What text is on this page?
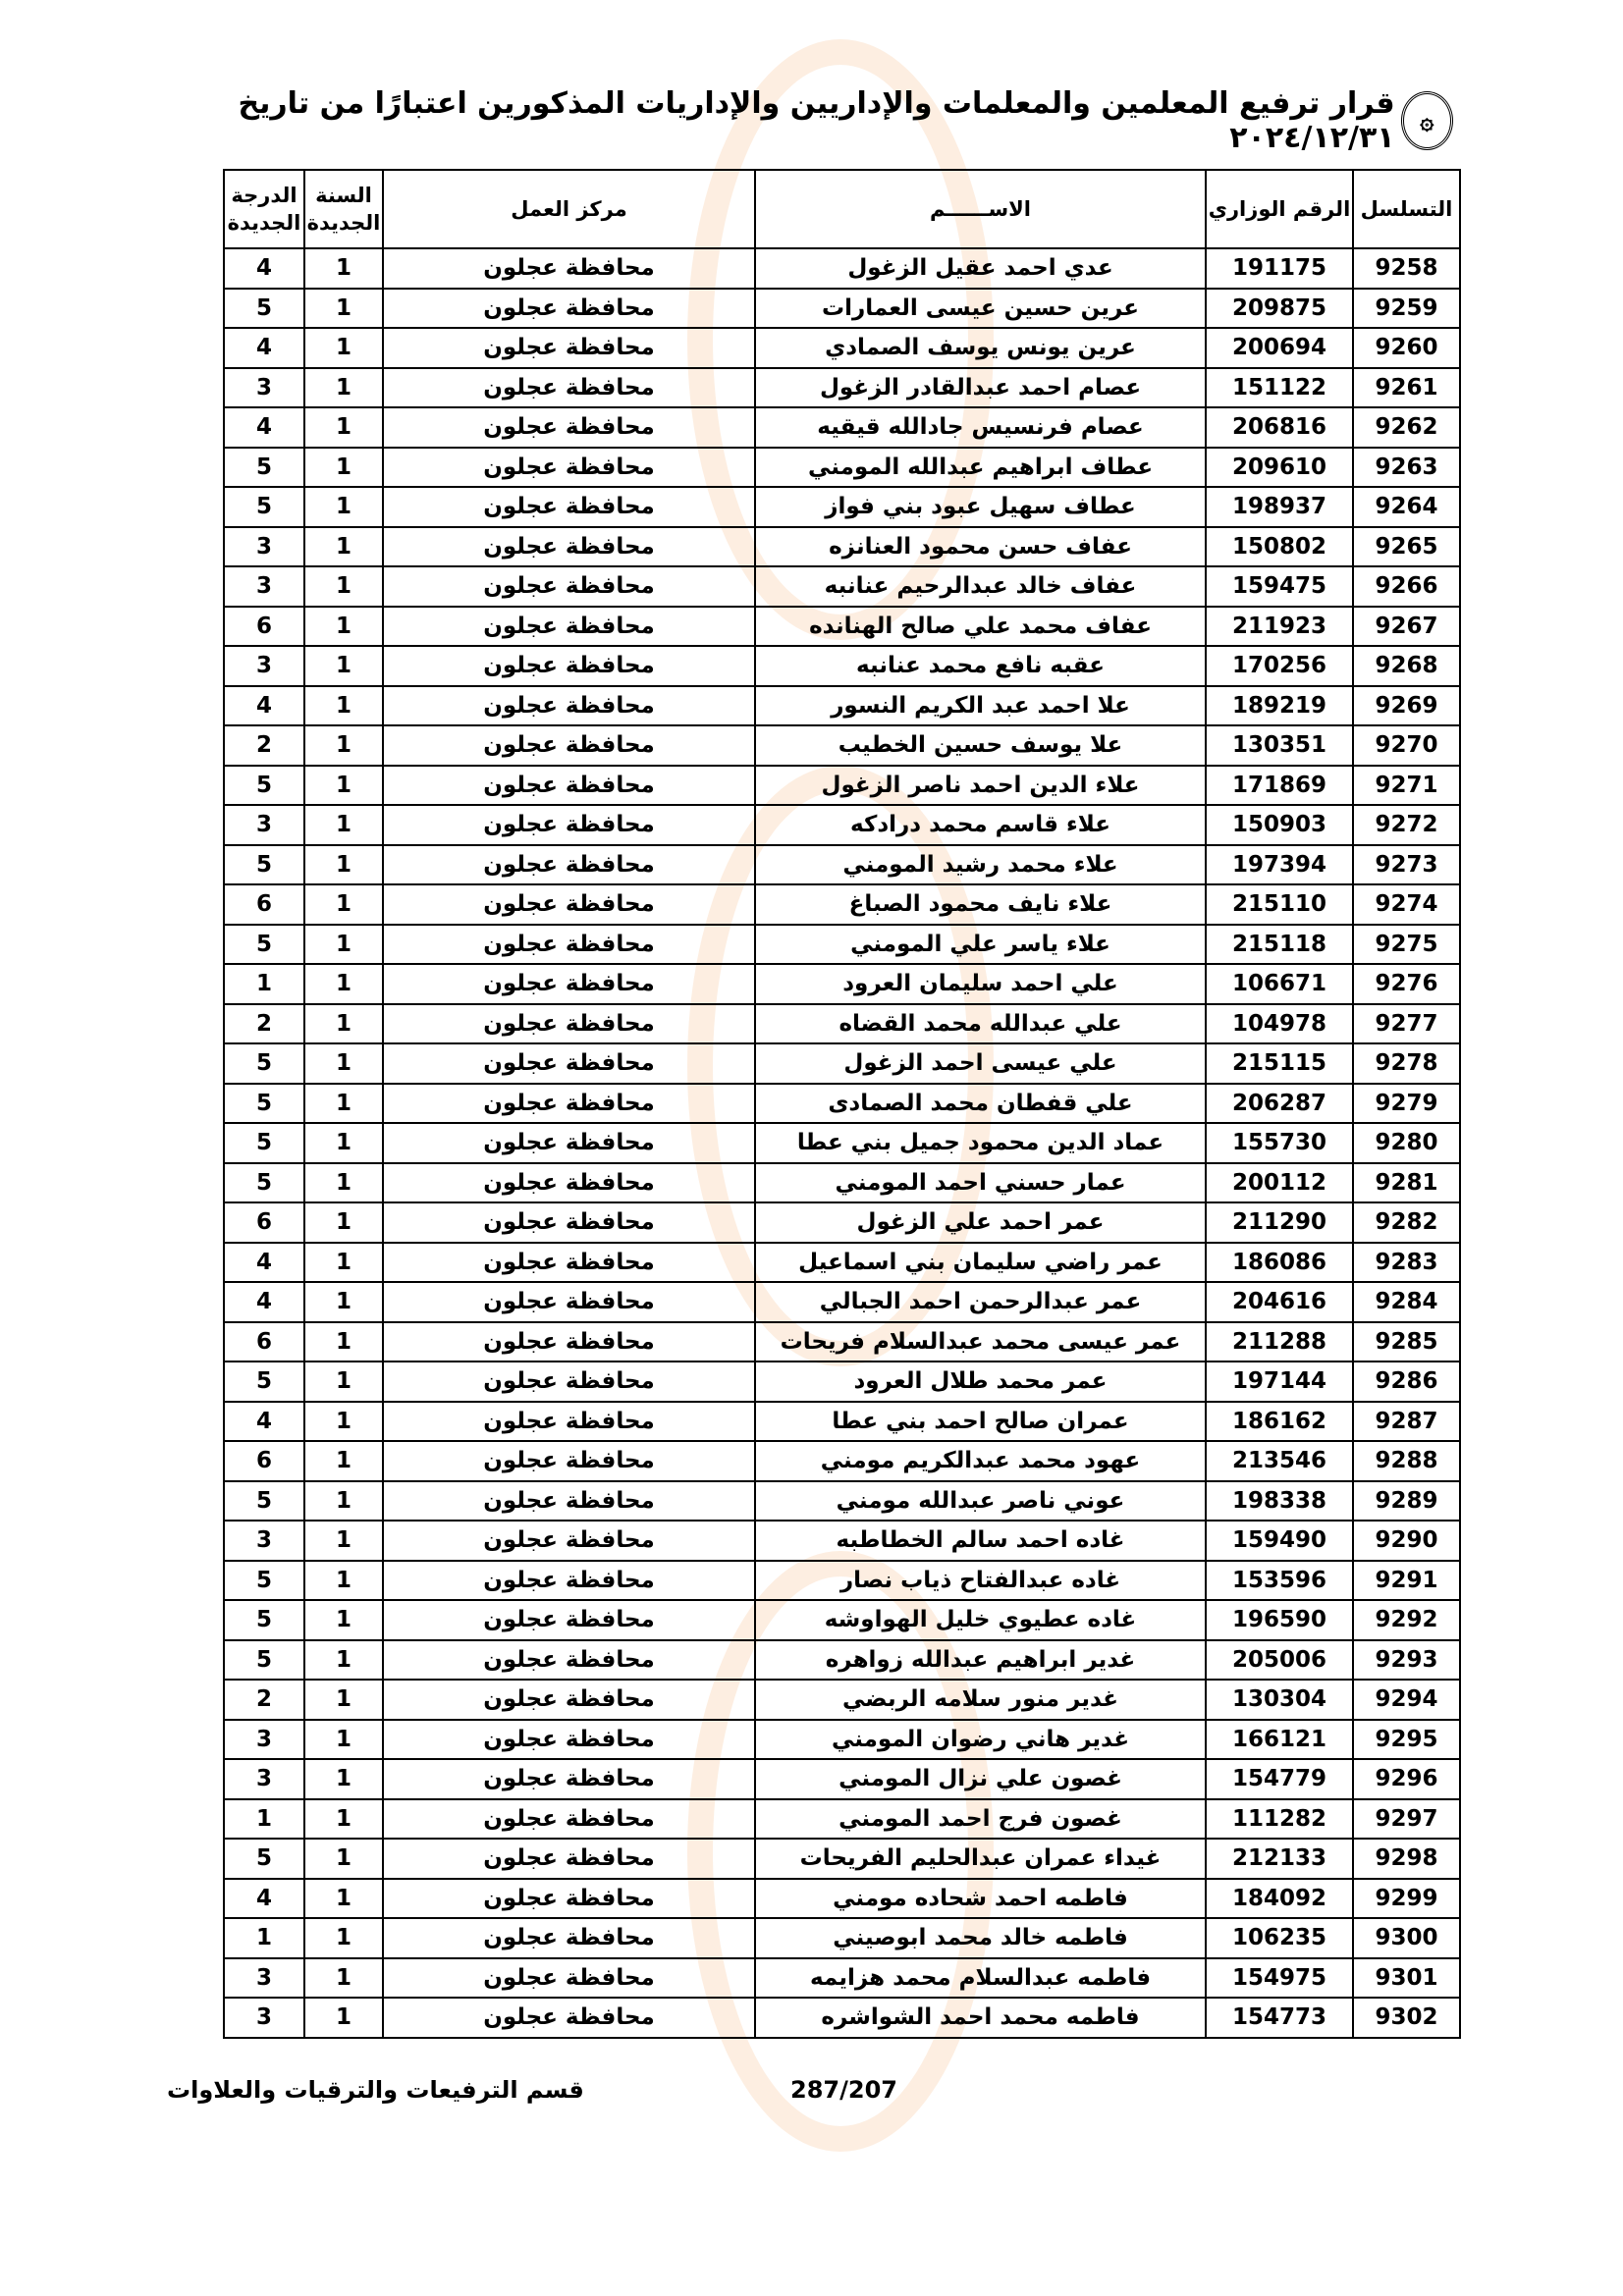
۞
قرار ترفيع المعلمين والمعلمات والإداريين والإداريات المذكورين اعتبارًا من تاريخ ٢٠٢٤/١٢/٣١
التسلسل	الرقم الوزاري	الاســــــم	مركز العمل	السنة الجديدة	الدرجة الجديدة
9258	191175	عدي احمد عقيل الزغول	محافظة عجلون	1	4
9259	209875	عرين حسين عيسى العمارات	محافظة عجلون	1	5
9260	200694	عرين يونس يوسف الصمادي	محافظة عجلون	1	4
9261	151122	عصام احمد عبدالقادر الزغول	محافظة عجلون	1	3
9262	206816	عصام فرنسيس جادالله قيقيه	محافظة عجلون	1	4
9263	209610	عطاف ابراهيم عبدالله المومني	محافظة عجلون	1	5
9264	198937	عطاف سهيل عبود بني فواز	محافظة عجلون	1	5
9265	150802	عفاف حسن محمود العنانزه	محافظة عجلون	1	3
9266	159475	عفاف خالد عبدالرحيم عنانبه	محافظة عجلون	1	3
9267	211923	عفاف محمد علي صالح الهنانده	محافظة عجلون	1	6
9268	170256	عقبه نافع محمد عنانبه	محافظة عجلون	1	3
9269	189219	علا احمد عبد الكريم النسور	محافظة عجلون	1	4
9270	130351	علا يوسف حسين الخطيب	محافظة عجلون	1	2
9271	171869	علاء الدين احمد ناصر الزغول	محافظة عجلون	1	5
9272	150903	علاء قاسم محمد درادكه	محافظة عجلون	1	3
9273	197394	علاء محمد رشيد المومني	محافظة عجلون	1	5
9274	215110	علاء نايف محمود الصباغ	محافظة عجلون	1	6
9275	215118	علاء ياسر علي المومني	محافظة عجلون	1	5
9276	106671	علي احمد سليمان العرود	محافظة عجلون	1	1
9277	104978	علي عبدالله محمد القضاه	محافظة عجلون	1	2
9278	215115	علي عيسى احمد الزغول	محافظة عجلون	1	5
9279	206287	علي قفطان محمد الصمادى	محافظة عجلون	1	5
9280	155730	عماد الدين محمود جميل بني عطا	محافظة عجلون	1	5
9281	200112	عمار حسني احمد المومني	محافظة عجلون	1	5
9282	211290	عمر احمد علي الزغول	محافظة عجلون	1	6
9283	186086	عمر راضي سليمان بني اسماعيل	محافظة عجلون	1	4
9284	204616	عمر عبدالرحمن احمد الجبالي	محافظة عجلون	1	4
9285	211288	عمر عيسى محمد عبدالسلام فريحات	محافظة عجلون	1	6
9286	197144	عمر محمد طلال العرود	محافظة عجلون	1	5
9287	186162	عمران صالح احمد بني عطا	محافظة عجلون	1	4
9288	213546	عهود محمد عبدالكريم مومني	محافظة عجلون	1	6
9289	198338	عوني ناصر عبدالله مومني	محافظة عجلون	1	5
9290	159490	غاده احمد سالم الخطاطبه	محافظة عجلون	1	3
9291	153596	غاده عبدالفتاح ذياب نصار	محافظة عجلون	1	5
9292	196590	غاده عطيوي خليل الهواوشه	محافظة عجلون	1	5
9293	205006	غدير ابراهيم عبدالله زواهره	محافظة عجلون	1	5
9294	130304	غدير منور سلامه الربضي	محافظة عجلون	1	2
9295	166121	غدير هاني رضوان المومني	محافظة عجلون	1	3
9296	154779	غصون علي نزال المومني	محافظة عجلون	1	3
9297	111282	غصون فرج احمد المومني	محافظة عجلون	1	1
9298	212133	غيداء عمران عبدالحليم الفريحات	محافظة عجلون	1	5
9299	184092	فاطمه احمد شحاده مومني	محافظة عجلون	1	4
9300	106235	فاطمه خالد محمد ابوصيني	محافظة عجلون	1	1
9301	154975	فاطمه عبدالسلام محمد هزايمه	محافظة عجلون	1	3
9302	154773	فاطمه محمد احمد الشواشره	محافظة عجلون	1	3
287/207
قسم الترفيعات والترقيات والعلاوات
